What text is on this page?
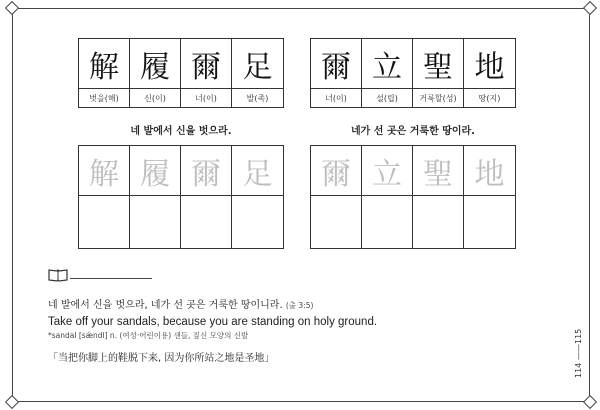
解 履 爾 足
벗을(해)	신(이)	너(이)	발(족)
爾 立 聖 地
너(이)	설(립)	거룩할(성)	땅(지)
네 발에서 신을 벗으라.	네가 선 곳은 거룩한 땅이라.
解 履 爾 足	爾 立 聖 地
네 발에서 신을 벗으라, 네가 선 곳은 거룩한 땅이니라. (출 3:5)
Take off your sandals, because you are standing on holy ground.
*sandal [sǽndl] n. (여성·어린이용) 샌들, 짚신 모양의 신발
「当把你脚上的鞋脱下来, 因为你所站之地是圣地」
114
——
115
